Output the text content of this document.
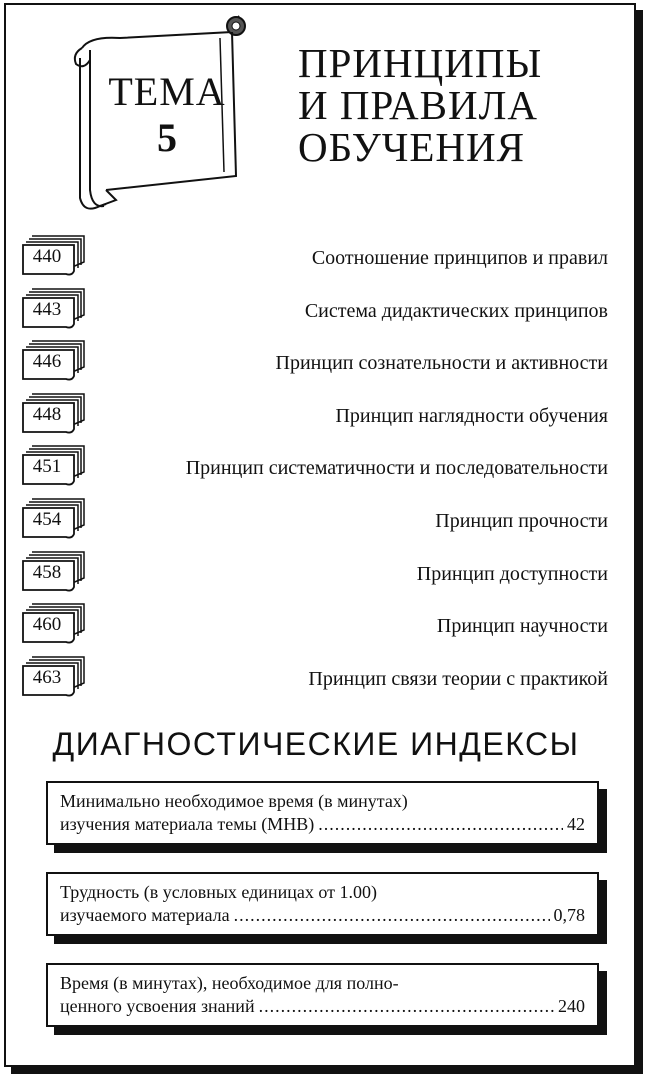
ТЕМА
5
ПРИНЦИПЫ
И ПРАВИЛА
ОБУЧЕНИЯ
440	Соотношение принципов и правил
443	Система дидактических принципов
446	Принцип сознательности и активности
448	Принцип наглядности обучения
451	Принцип систематичности и последовательности
454	Принцип прочности
458	Принцип доступности
460	Принцип научности
463	Принцип связи теории с практикой
ДИАГНОСТИЧЕСКИЕ ИНДЕКСЫ
Минимально необходимое время (в минутах)
изучения материала темы (МНВ) .....	42
Трудность (в условных единицах от 1.00)
изучаемого материала .....	0,78
Время (в минутах), необходимое для полно-
ценного усвоения знаний .....	240
